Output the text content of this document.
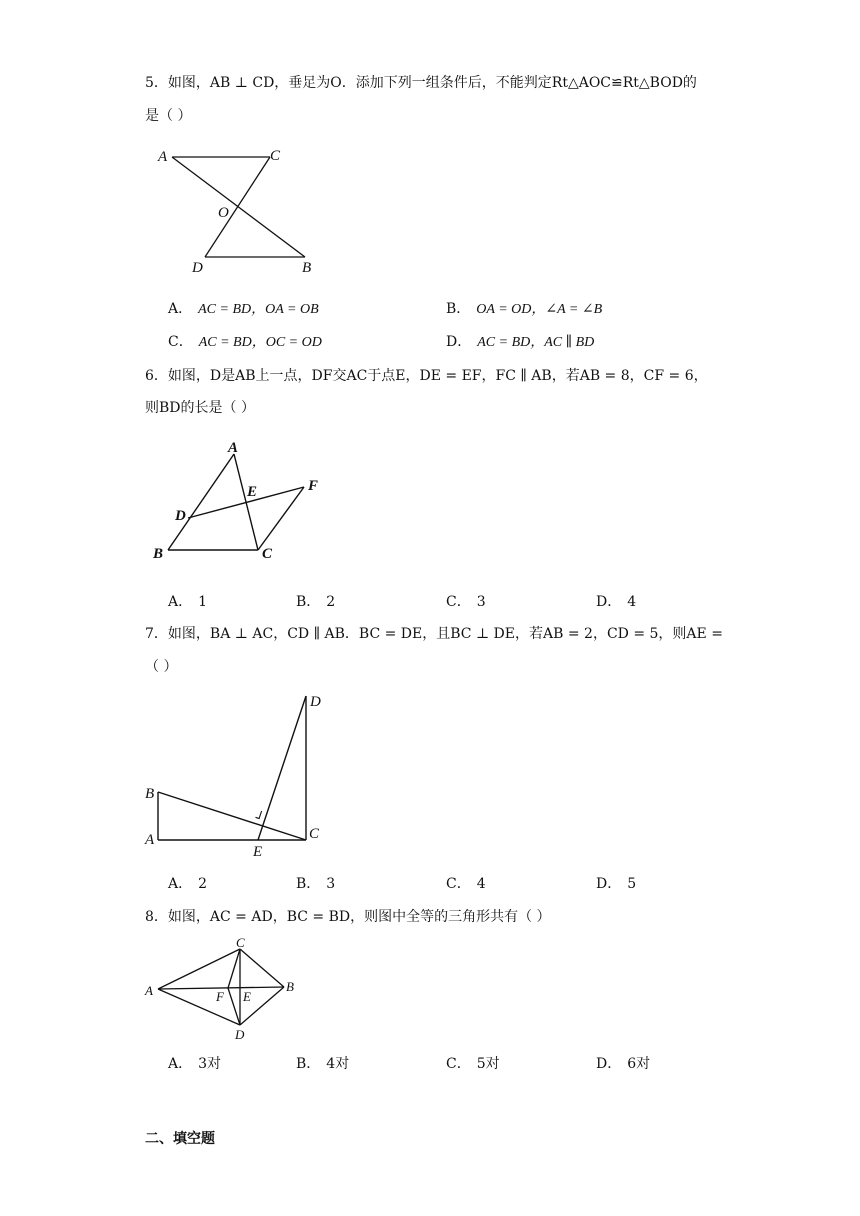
5．如图，AB ⊥ CD，垂足为O．添加下列一组条件后，不能判定Rt△AOC≌Rt△BOD的
是（ ）
A	C
O
D	B
A． AC = BD，OA = OB	B． OA = OD，∠A = ∠B
C． AC = BD，OC = OD	D． AC = BD，AC ∥ BD
6．如图，D是AB上一点，DF交AC于点E，DE = EF，FC ∥ AB，若AB = 8，CF = 6，
则BD的长是（ ）
A
E	F
D
B	C
A． 1	B． 2	C． 3	D． 4
7．如图，BA ⊥ AC，CD ∥ AB．BC = DE，且BC ⊥ DE，若AB = 2，CD = 5，则AE =
（ ）
D
B
A
E
C
A． 2	B． 3	C． 4	D． 5
8．如图，AC = AD，BC = BD，则图中全等的三角形共有（ ）
C
A	F E
B
D
A． 3对	B． 4对	C． 5对	D． 6对
二、填空题
